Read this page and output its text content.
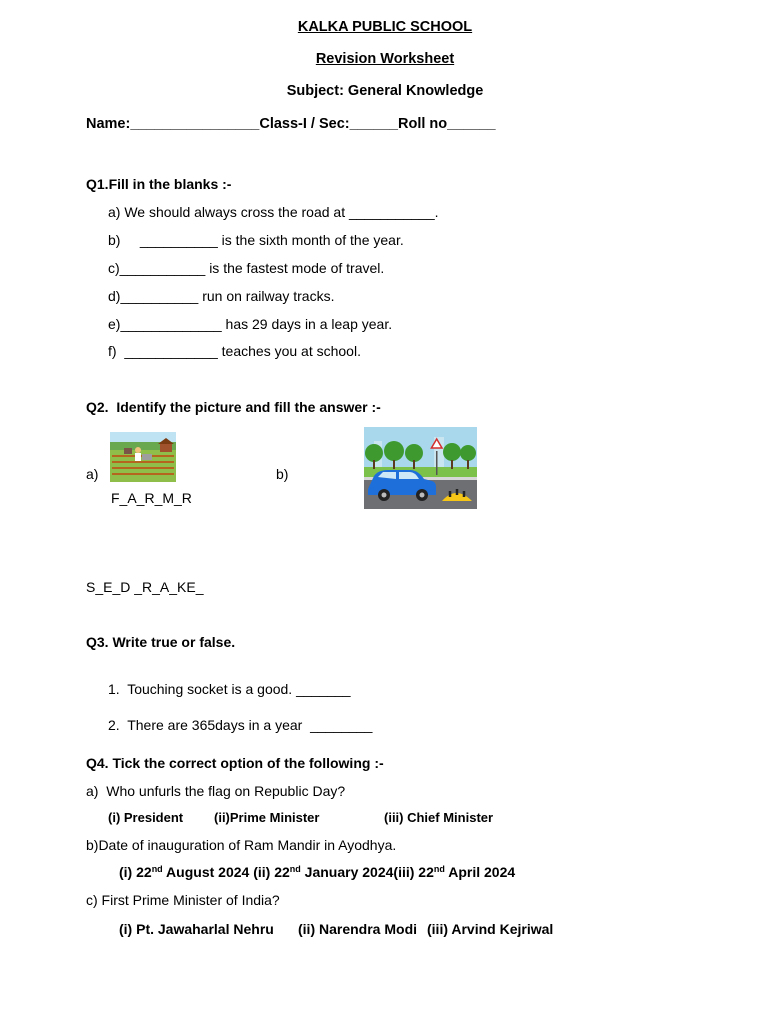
KALKA PUBLIC SCHOOL
Revision Worksheet
Subject: General Knowledge
Name:________________Class-I / Sec:______Roll no______
Q1.Fill in the blanks :-
a) We should always cross the road at ___________.
b)     __________ is the sixth month of the year.
c)___________ is the fastest mode of travel.
d)__________ run on railway tracks.
e)_____________ has 29 days in a leap year.
f)  ____________ teaches you at school.
Q2.  Identify the picture and fill the answer :-
a)	b)
F_A_R_M_R
S_E_D _R_A_KE_
Q3. Write true or false.
1.  Touching socket is a good. _______
2.  There are 365days in a year  ________
Q4. Tick the correct option of the following :-
a)  Who unfurls the flag on Republic Day?
(i) President (ii)Prime Minister	(iii) Chief Minister
b)Date of inauguration of Ram Mandir in Ayodhya.
(i) 22nd August 2024 (ii) 22nd January 2024(iii) 22nd April 2024
c) First Prime Minister of India?
(i) Pt. Jawaharlal Nehru (ii) Narendra Modi (iii) Arvind Kejriwal
